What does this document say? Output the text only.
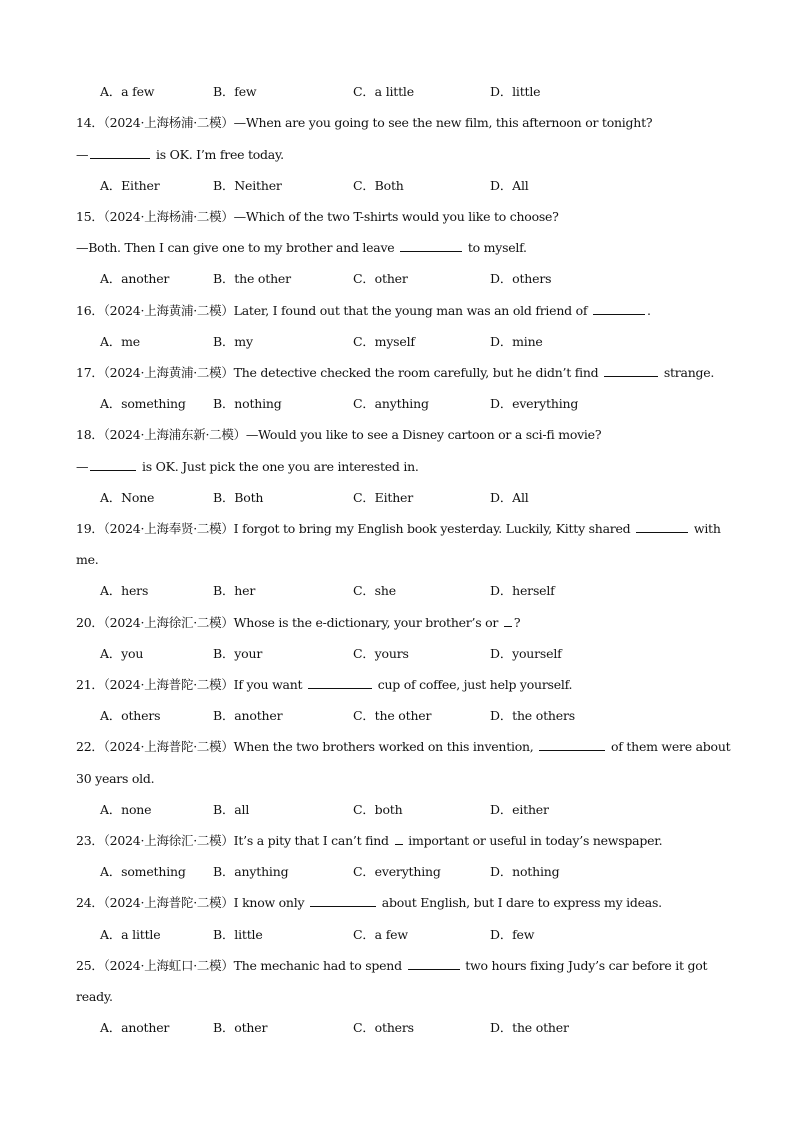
A．a few	B．few	C．a little	D．little
14．（2024·上海杨浦·二模）—When are you going to see the new film, this afternoon or tonight?
—	is OK. I’m free today.
A．Either	B．Neither	C．Both	D．All
15．（2024·上海杨浦·二模）—Which of the two T-shirts would you like to choose?
—Both. Then I can give one to my brother and leave	to myself.
A．another	B．the other	C．other	D．others
16．（2024·上海黄浦·二模）Later, I found out that the young man was an old friend of	.
A．me	B．my	C．myself	D．mine
17．（2024·上海黄浦·二模）The detective checked the room carefully, but he didn’t find	strange.
A．something B．nothing	C．anything	D．everything
18．（2024·上海浦东新·二模）—Would you like to see a Disney cartoon or a sci-fi movie?
—	is OK. Just pick the one you are interested in.
A．None	B．Both	C．Either	D．All
19．（2024·上海奉贤·二模）I forgot to bring my English book yesterday. Luckily, Kitty shared	with
me.
A．hers	B．her	C．she	D．herself
20．（2024·上海徐汇·二模）Whose is the e-dictionary, your brother’s or ?
A．you	B．your	C．yours	D．yourself
21．（2024·上海普陀·二模）If you want	cup of coffee, just help yourself.
A．others	B．another	C．the other	D．the others
22．（2024·上海普陀·二模）When the two brothers worked on this invention,	of them were about
30 years old.
A．none	B．all	C．both	D．either
23．（2024·上海徐汇·二模）It’s a pity that I can’t find  important or useful in today’s newspaper.
A．something B．anything	C．everything	D．nothing
24．（2024·上海普陀·二模）I know only	about English, but I dare to express my ideas.
A．a little	B．little	C．a few	D．few
25．（2024·上海虹口·二模）The mechanic had to spend	two hours fixing Judy’s car before it got
ready.
A．another	B．other	C．others	D．the other
